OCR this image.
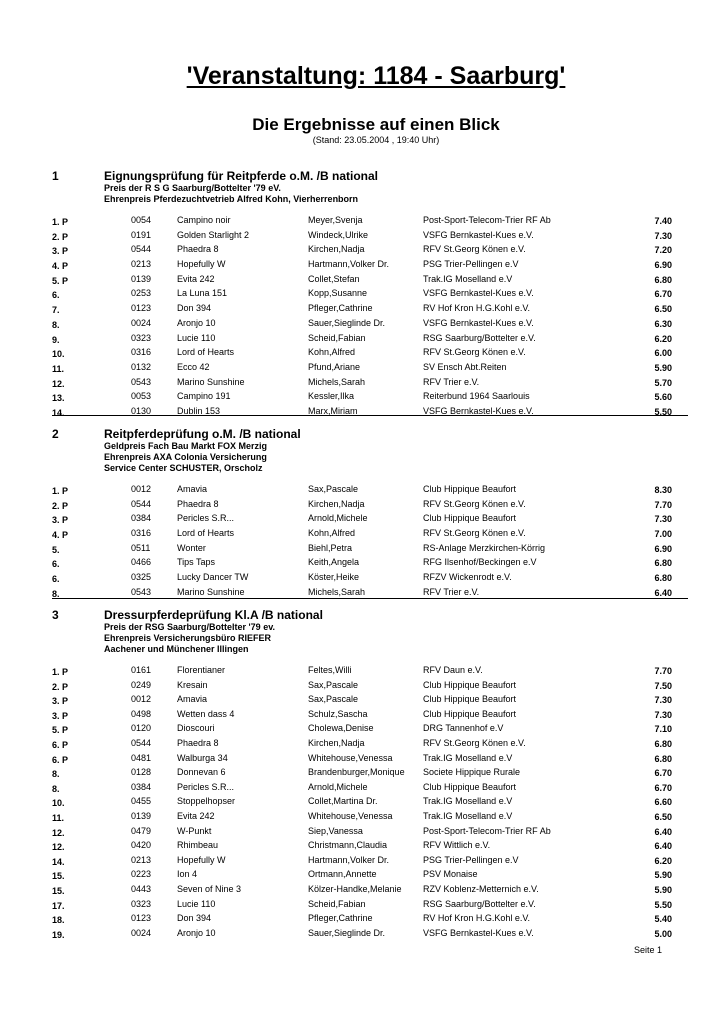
'Veranstaltung: 1184 - Saarburg'
Die Ergebnisse auf einen Blick
(Stand: 23.05.2004 , 19:40 Uhr)
1	Eignungsprüfung für Reitpferde o.M. /B national
Preis der R S G Saarburg/Bottelter '79 eV.
Ehrenpreis Pferdezuchtvetrieb Alfred Kohn, Vierherrenborn
1. P	0054	Campino noir	Meyer,Svenja	Post-Sport-Telecom-Trier RF Ab	7.40
2. P	0191	Golden Starlight 2	Windeck,Ulrike	VSFG Bernkastel-Kues e.V.	7.30
3. P	0544	Phaedra 8	Kirchen,Nadja	RFV St.Georg Könen e.V.	7.20
4. P	0213	Hopefully W	Hartmann,Volker Dr.	PSG Trier-Pellingen e.V	6.90
5. P	0139	Evita 242	Collet,Stefan	Trak.IG Moselland e.V	6.80
6.	0253	La Luna 151	Kopp,Susanne	VSFG Bernkastel-Kues e.V.	6.70
7.	0123	Don 394	Pfleger,Cathrine	RV Hof Kron H.G.Kohl e.V.	6.50
8.	0024	Aronjo 10	Sauer,Sieglinde Dr.	VSFG Bernkastel-Kues e.V.	6.30
9.	0323	Lucie 110	Scheid,Fabian	RSG Saarburg/Bottelter e.V.	6.20
10.	0316	Lord of Hearts	Kohn,Alfred	RFV St.Georg Könen e.V.	6.00
11.	0132	Ecco 42	Pfund,Ariane	SV Ensch Abt.Reiten	5.90
12.	0543	Marino Sunshine	Michels,Sarah	RFV Trier e.V.	5.70
13.	0053	Campino 191	Kessler,Ilka	Reiterbund 1964 Saarlouis	5.60
14.	0130	Dublin 153	Marx,Miriam	VSFG Bernkastel-Kues e.V.	5.50
2	Reitpferdeprüfung o.M. /B national
Geldpreis Fach Bau Markt FOX Merzig
Ehrenpreis AXA Colonia Versicherung
Service Center SCHUSTER, Orscholz
1. P	0012	Amavia	Sax,Pascale	Club Hippique Beaufort	8.30
2. P	0544	Phaedra 8	Kirchen,Nadja	RFV St.Georg Könen e.V.	7.70
3. P	0384	Pericles S.R...	Arnold,Michele	Club Hippique Beaufort	7.30
4. P	0316	Lord of Hearts	Kohn,Alfred	RFV St.Georg Könen e.V.	7.00
5.	0511	Wonter	Biehl,Petra	RS-Anlage Merzkirchen-Körrig	6.90
6.	0466	Tips Taps	Keith,Angela	RFG Ilsenhof/Beckingen e.V	6.80
6.	0325	Lucky Dancer TW	Köster,Heike	RFZV Wickenrodt e.V.	6.80
8.	0543	Marino Sunshine	Michels,Sarah	RFV Trier e.V.	6.40
3	Dressurpferdeprüfung Kl.A /B national
Preis der RSG Saarburg/Bottelter '79 ev.
Ehrenpreis Versicherungsbüro RIEFER
Aachener und Münchener Illingen
1. P	0161	Florentianer	Feltes,Willi	RFV Daun e.V.	7.70
2. P	0249	Kresain	Sax,Pascale	Club Hippique Beaufort	7.50
3. P	0012	Amavia	Sax,Pascale	Club Hippique Beaufort	7.30
3. P	0498	Wetten dass 4	Schulz,Sascha	Club Hippique Beaufort	7.30
5. P	0120	Dioscouri	Cholewa,Denise	DRG Tannenhof e.V	7.10
6. P	0544	Phaedra 8	Kirchen,Nadja	RFV St.Georg Könen e.V.	6.80
6. P	0481	Walburga 34	Whitehouse,Venessa	Trak.IG Moselland e.V	6.80
8.	0128	Donnevan 6	Brandenburger,Monique	Societe Hippique Rurale	6.70
8.	0384	Pericles S.R...	Arnold,Michele	Club Hippique Beaufort	6.70
10.	0455	Stoppelhopser	Collet,Martina Dr.	Trak.IG Moselland e.V	6.60
11.	0139	Evita 242	Whitehouse,Venessa	Trak.IG Moselland e.V	6.50
12.	0479	W-Punkt	Siep,Vanessa	Post-Sport-Telecom-Trier RF Ab	6.40
12.	0420	Rhimbeau	Christmann,Claudia	RFV Wittlich e.V.	6.40
14.	0213	Hopefully W	Hartmann,Volker Dr.	PSG Trier-Pellingen e.V	6.20
15.	0223	Ion 4	Ortmann,Annette	PSV Monaise	5.90
15.	0443	Seven of Nine 3	Kölzer-Handke,Melanie	RZV Koblenz-Metternich e.V.	5.90
17.	0323	Lucie 110	Scheid,Fabian	RSG Saarburg/Bottelter e.V.	5.50
18.	0123	Don 394	Pfleger,Cathrine	RV Hof Kron H.G.Kohl e.V.	5.40
19.	0024	Aronjo 10	Sauer,Sieglinde Dr.	VSFG Bernkastel-Kues e.V.	5.00
Seite 1
